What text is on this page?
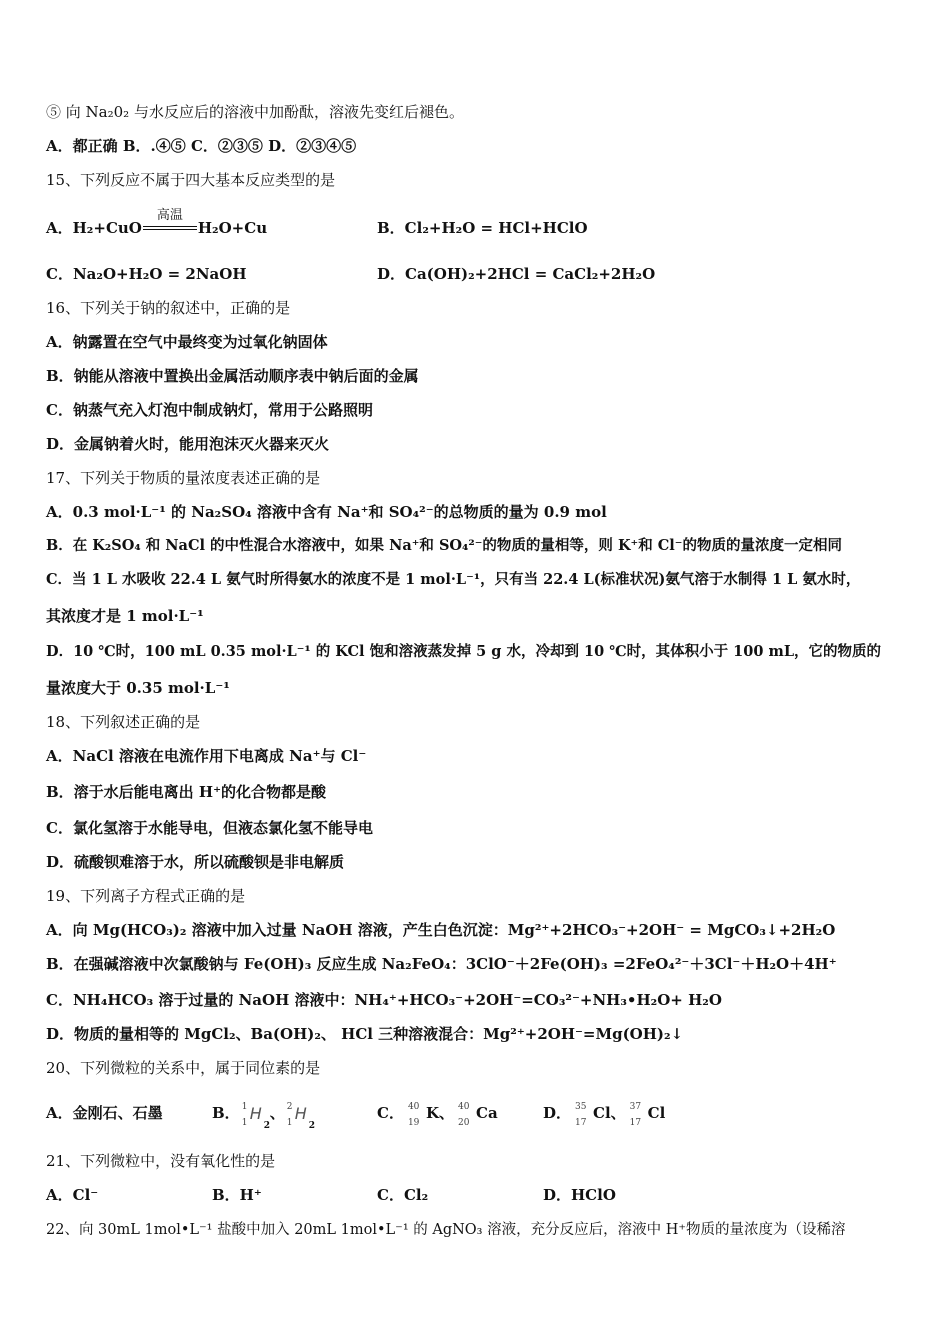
⑤ 向 Na₂0₂ 与水反应后的溶液中加酚酞，溶液先变红后褪色。
A．都正确 B．.④⑤ C．②③⑤ D．②③④⑤
15、下列反应不属于四大基本反应类型的是
A．H₂+CuO
高温
H₂O+Cu	B．Cl₂+H₂O = HCl+HClO
C．Na₂O+H₂O = 2NaOH	D．Ca(OH)₂+2HCl = CaCl₂+2H₂O
16、下列关于钠的叙述中，正确的是
A．钠露置在空气中最终变为过氧化钠固体
B．钠能从溶液中置换出金属活动顺序表中钠后面的金属
C．钠蒸气充入灯泡中制成钠灯，常用于公路照明
D．金属钠着火时，能用泡沫灭火器来灭火
17、下列关于物质的量浓度表述正确的是
A．0.3 mol·L⁻¹ 的 Na₂SO₄ 溶液中含有 Na⁺和 SO₄²⁻的总物质的量为 0.9 mol
B．在 K₂SO₄ 和 NaCl 的中性混合水溶液中，如果 Na⁺和 SO₄²⁻的物质的量相等，则 K⁺和 Cl⁻的物质的量浓度一定相同
C．当 1 L 水吸收 22.4 L 氨气时所得氨水的浓度不是 1 mol·L⁻¹，只有当 22.4 L(标准状况)氨气溶于水制得 1 L 氨水时，
其浓度才是 1 mol·L⁻¹
D．10 ℃时，100 mL 0.35 mol·L⁻¹ 的 KCl 饱和溶液蒸发掉 5 g 水，冷却到 10 ℃时，其体积小于 100 mL，它的物质的
量浓度大于 0.35 mol·L⁻¹
18、下列叙述正确的是
A．NaCl 溶液在电流作用下电离成 Na⁺与 Cl⁻
B．溶于水后能电离出 H⁺的化合物都是酸
C．氯化氢溶于水能导电，但液态氯化氢不能导电
D．硫酸钡难溶于水，所以硫酸钡是非电解质
19、下列离子方程式正确的是
A．向 Mg(HCO₃)₂ 溶液中加入过量 NaOH 溶液，产生白色沉淀：Mg²⁺+2HCO₃⁻+2OH⁻ = MgCO₃↓+2H₂O
B．在强碱溶液中次氯酸钠与 Fe(OH)₃ 反应生成 Na₂FeO₄：3ClO⁻＋2Fe(OH)₃ =2FeO₄²⁻＋3Cl⁻＋H₂O＋4H⁺
C．NH₄HCO₃ 溶于过量的 NaOH 溶液中：NH₄⁺+HCO₃⁻+2OH⁻=CO₃²⁻+NH₃•H₂O+ H₂O
D．物质的量相等的 MgCl₂、Ba(OH)₂、 HCl 三种溶液混合：Mg²⁺+2OH⁻=Mg(OH)₂↓
20、下列微粒的关系中，属于同位素的是
A．金刚石、石墨	B． 1
1 H
2
、 2
1 H
2
C． 40
19
K、 40
20
Ca	D． 35
17
Cl、 37
17
Cl
21、下列微粒中，没有氧化性的是
A．Cl⁻	B．H⁺	C．Cl₂	D．HClO
22、向 30mL 1mol•L⁻¹ 盐酸中加入 20mL 1mol•L⁻¹ 的 AgNO₃ 溶液，充分反应后，溶液中 H⁺物质的量浓度为（设稀溶
